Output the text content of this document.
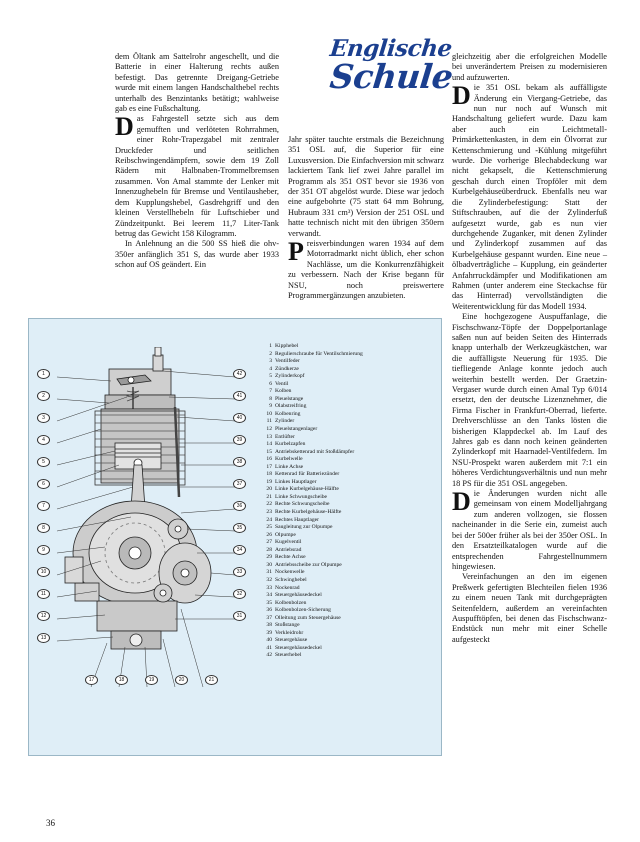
Englische
Schule

dem Öltank am Sattelrohr angeschellt, und die Batterie in einer Halterung rechts außen befestigt. Das getrennte Dreigang-Getriebe wurde mit einem langen Handschalthebel rechts unterhalb des Benzintanks betätigt; wahlweise gab es eine Fußschaltung.

Das Fahrgestell setzte sich aus dem gemufften und verlöteten Rohrrahmen, einer Rohr-Trapezgabel mit zentraler Druckfeder und seitlichen Reibschwingendämpfern, sowie dem 19 Zoll Rädern mit Halbnaben-Trommelbremsen zusammen. Von Amal stammte der Lenker mit Innenzughebeln für Bremse und Ventilausheber, dem Kupplungshebel, Gasdrehgriff und den kleinen Verstellhebeln für Luftschieber und Zündzeitpunkt. Bei leerem 11,7 Liter-Tank betrug das Gewicht 158 Kilogramm.

In Anlehnung an die 500 SS hieß die ohv-350er anfänglich 351 S, das wurde aber 1933 schon auf OS geändert. Ein

Jahr später tauchte erstmals die Bezeichnung 351 OSL auf, die Superior für eine Luxusversion. Die Einfachversion mit schwarz lackiertem Tank lief zwei Jahre parallel im Programm als 351 OST bevor sie 1936 von der 351 OT abgelöst wurde. Diese war jedoch eine aufgebohrte (75 statt 64 mm Bohrung, Hubraum 331 cm³) Version der 251 OSL und hatte technisch nicht mit den übrigen 350ern verwandt.

Preisverbindungen waren 1934 auf dem Motorradmarkt nicht üblich, eher schon Nachlässe, um die Konkurrenzfähigkeit zu verbessern. Nach der Krise begann für NSU, noch preiswertere Programmergänzungen anzubieten.

gleichzeitig aber die erfolgreichen Modelle bei unverändertem Preisen zu modernisieren und aufzuwerten.

Die 351 OSL bekam als auffälligste Änderung ein Viergang-Getriebe, das nun nur noch auf Wunsch mit Handschaltung geliefert wurde. Dazu kam aber auch ein Leichtmetall-Primärkettenkasten, in dem ein Ölvorrat zur Kettenschmierung und -Kühlung mitgeführt wurde. Die vorherige Blechabdeckung war nicht gekapselt, die Kettenschmierung geschah durch einen Tropföler mit dem Kurbelgehäuseüberdruck. Ebenfalls neu war die Zylinderbefestigung: Statt der Stiftschrauben, auf die der Zylinderfuß aufgesetzt wurde, gab es nun vier durchgehende Zuganker, mit denen Zylinder und Zylinderkopf zusammen auf das Kurbelgehäuse gespannt wurden. Eine neue – ölbadverträgliche – Kupplung, ein geänderter Anfahrruckdämpfer und Modifikationen am Rahmen (unter anderem eine Steckachse für das Hinterrad) vervollständigten die Weiterentwicklung für das Modell 1934.

Eine hochgezogene Auspuffanlage, die Fischschwanz-Töpfe der Doppelportanlage saßen nun auf beiden Seiten des Hinterrads knapp unterhalb der Werkzeugkästchen, war die auffälligste Neuerung für 1935. Die tiefliegende Anlage konnte jedoch auch weiterhin bestellt werden. Der Graetzin-Vergaser wurde durch einen Amal Typ 6/014 ersetzt, den der deutsche Lizenznehmer, die Firma Fischer in Frankfurt-Oberrad, lieferte. Drehverschlüsse an den Tanks lösten die bisherigen Klappdeckel ab. Im Lauf des Jahres gab es dann noch keinen geänderten Zylinderkopf mit Haarnadel-Ventilfedern. Im NSU-Prospekt waren außerdem mit 7:1 ein höheres Verdichtungsverhältnis und nun mehr 18 PS für die 351 OSL angegeben.

Die Änderungen wurden nicht alle gemeinsam von einem Modelljahrgang zum anderen vollzogen, sie flossen nacheinander in die Serie ein, zumeist auch bei der 500er früher als bei der 350er OSL. In den Ersatzteilkatalogen wurde auf die entsprechenden Fahrgestellnummern hingewiesen.

Vereinfachungen an den im eigenen Preßwerk gefertigten Blechteilen fielen 1936 zu einem neuen Tank mit durchgeprägten Seitenfeldern, außerdem an vereinfachten Auspufftöpfen, bei denen das Fischschwanz-Endstück nun mehr mit einer Schelle aufgesteckt

1
2
3
4
5
6
7
8
9
10
11
12
13
42
41
40
39
38
37
36
35
34
33
32
31
17	18	19	20	21
1 Kipphebel
2 Regulierschraube für Ventilschmierung
3 Ventilfeder
4 Zündkerze
5 Zylinderkopf
6 Ventil
7 Kolben
8 Pleuelstange
9 Ölabstreifring
10 Kolbenring
11 Zylinder
12 Pleuelstangenlager
13 Entlüfter
14 Kurbelzapfen
15 Antriebskettenrad mit Stoßdämpfer
16 Kurbelwelle
17 Linke Achse
18 Kettenrad für Batteriezünder
19 Linkes Hauptlager
20 Linke Kurbelgehäuse-Hälfte
21 Linke Schwungscheibe
22 Rechte Schwungscheibe
23 Rechte Kurbelgehäuse-Hälfte
24 Rechtes Hauptlager
25 Saugleitung zur Ölpumpe
26 Ölpumpe
27 Kugelventil
28 Antriebsrad
29 Rechte Achse
30 Antriebsscheibe zur Ölpumpe
31 Nockenwelle
32 Schwinghebel
33 Nockenrad
34 Steuergehäusedeckel
35 Kolbenbolzen
36 Kolbenbolzen-Sicherung
37 Ölleitung zum Steuergehäuse
38 Stoßstange
39 Verkleidrohr
40 Steuergehäuse
41 Steuergehäusedeckel
42 Steuerhebel
36
